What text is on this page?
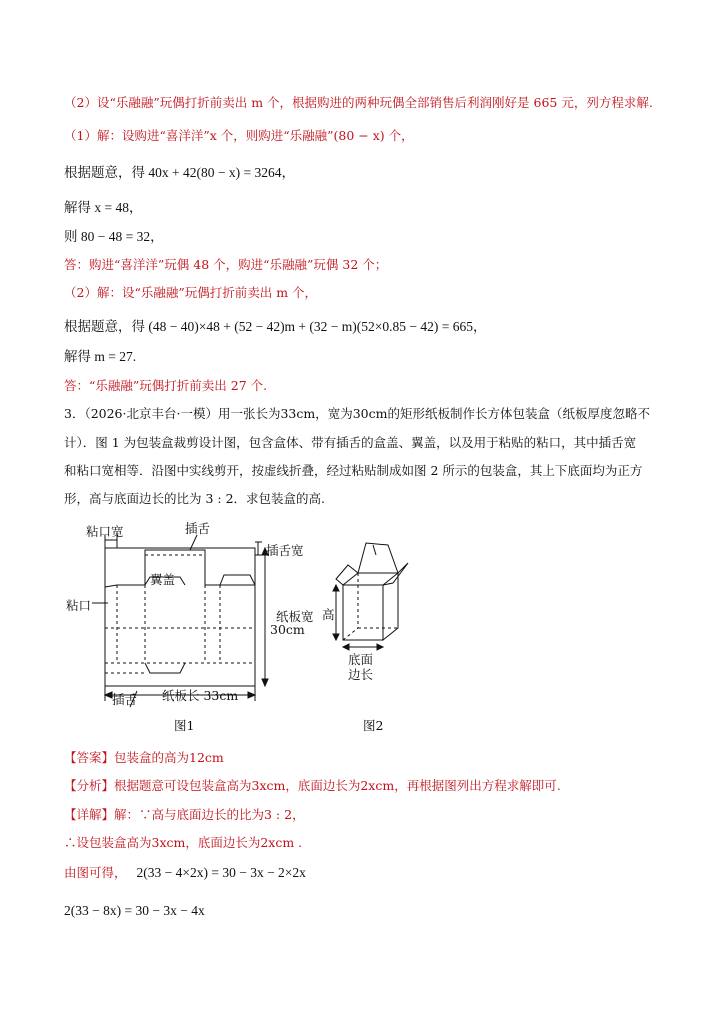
（2）设“乐融融”玩偶打折前卖出 m 个，根据购进的两种玩偶全部销售后利润刚好是 665 元，列方程求解.
（1）解：设购进“喜洋洋”x 个，则购进“乐融融”(80 − x) 个，
根据题意，得 40x + 42(80 − x) = 3264，
解得 x = 48，
则 80 − 48 = 32，
答：购进“喜洋洋”玩偶 48 个，购进“乐融融”玩偶 32 个；
（2）解：设“乐融融”玩偶打折前卖出 m 个，
根据题意，得 (48 − 40)×48 + (52 − 42)m + (32 − m)(52×0.85 − 42) = 665，
解得 m = 27.
答：“乐融融”玩偶打折前卖出 27 个.
3．（2026·北京丰台·一模）用一张长为33cm，宽为30cm的矩形纸板制作长方体包装盒（纸板厚度忽略不
计）．图 1 为包装盒裁剪设计图，包含盒体、带有插舌的盒盖、翼盖，以及用于粘贴的粘口，其中插舌宽
和粘口宽相等．沿图中实线剪开，按虚线折叠，经过粘贴制成如图 2 所示的包装盒，其上下底面均为正方
形，高与底面边长的比为 3 : 2．求包装盒的高.
粘口宽	插舌
插舌宽
翼盖
粘口
纸板宽
30cm
插舌 纸板长 33cm
图1
高
底面
边长
图2
【答案】包装盒的高为12cm
【分析】根据题意可设包装盒高为3xcm，底面边长为2xcm，再根据图列出方程求解即可.
【详解】解：∵高与底面边长的比为3 : 2，
∴设包装盒高为3xcm，底面边长为2xcm .
由图可得， 2(33 − 4×2x) = 30 − 3x − 2×2x
2(33 − 8x) = 30 − 3x − 4x
